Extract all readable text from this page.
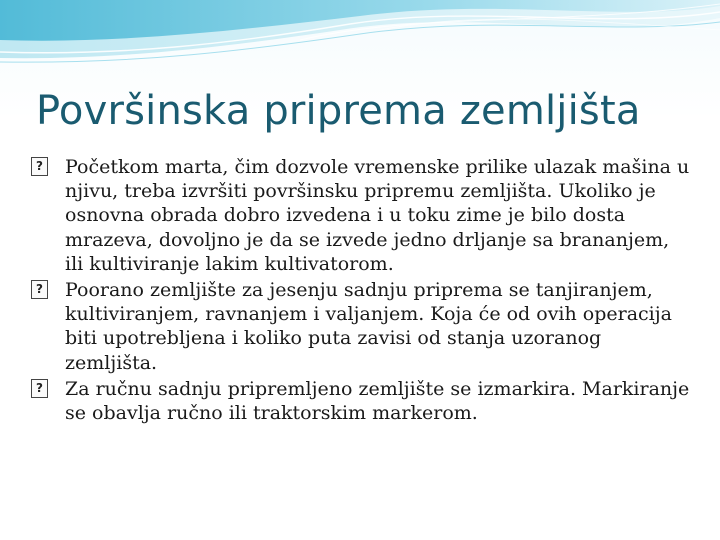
Površinska priprema zemljišta
? Početkom marta, čim dozvole vremenske prilike ulazak mašina u njivu, treba izvršiti površinsku pripremu zemljišta. Ukoliko je osnovna obrada dobro izvedena i u toku zime je bilo dosta mrazeva, dovoljno je da se izvede jedno drljanje sa brananjem, ili kultiviranje lakim kultivatorom.
? Poorano zemljište za jesenju sadnju priprema se tanjiranjem, kultiviranjem, ravnanjem i valjanjem. Koja će od ovih operacija biti upotrebljena i koliko puta zavisi od stanja uzoranog zemljišta.
? Za ručnu sadnju pripremljeno zemljište se izmarkira. Markiranje se obavlja ručno ili traktorskim markerom.
